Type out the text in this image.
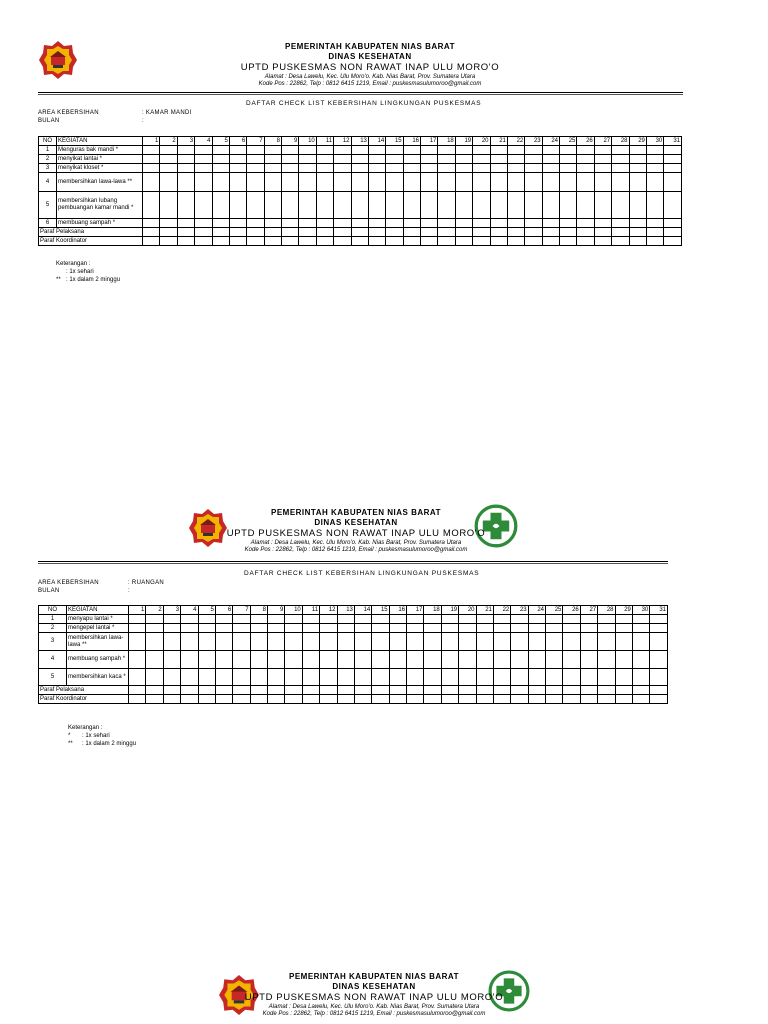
PEMERINTAH KABUPATEN NIAS BARAT
DINAS KESEHATAN
UPTD PUSKESMAS NON RAWAT INAP ULU MORO'O
Alamat : Desa Lawelu, Kec. Ulu Moro'o. Kab. Nias Barat, Prov. Sumatera Utara
Kode Pos : 22862, Telp : 0812 6415 1219, Email : puskesmasulumoroo@gmail.com
DAFTAR CHECK LIST KEBERSIHAN LINGKUNGAN PUSKESMAS
AREA KEBERSIHAN	: KAMAR MANDI
BULAN	:
NO	KEGIATAN	1	2	3	4	5	6	7	8	9	10	11	12	13	14	15	16	17	18	19	20	21	22	23	24	25	26	27	28	29	30	31
1	Menguras bak mandi *																															
2	menyikat lantai *																															
3	menyikat kloset *																															
4	membersihkan lawa-lawa **																															
5	membersihkan lubang pembuangan kamar mandi *																															
6	membuang sampah *																															
Paraf Pelaksana																																
Paraf Koordinator																																
Keterangan :
: 1x sehari
** : 1x dalam 2 minggu
PEMERINTAH KABUPATEN NIAS BARAT
DINAS KESEHATAN
UPTD PUSKESMAS NON RAWAT INAP ULU MORO'O
Alamat : Desa Lawelu, Kec. Ulu Moro'o. Kab. Nias Barat, Prov. Sumatera Utara
Kode Pos : 22862, Telp : 0812 6415 1219, Email : puskesmasulumoroo@gmail.com
DAFTAR CHECK LIST KEBERSIHAN LINGKUNGAN PUSKESMAS
AREA KEBERSIHAN	: RUANGAN
BULAN	:
NO	KEGIATAN	1	2	3	4	5	6	7	8	9	10	11	12	13	14	15	16	17	18	19	20	21	22	23	24	25	26	27	28	29	30	31
1	menyapu lantai *																															
2	mengepel lantai *																															
3	membersihkan lawa-lawa **																															
4	membuang sampah *																															
5	membersihkan kaca *																															
Paraf Pelaksana																																
Paraf Koordinator																																
Keterangan :
* : 1x sehari
** : 1x dalam 2 minggu
PEMERINTAH KABUPATEN NIAS BARAT
DINAS KESEHATAN
UPTD PUSKESMAS NON RAWAT INAP ULU MORO'O
Alamat : Desa Lawelu, Kec. Ulu Moro'o. Kab. Nias Barat, Prov. Sumatera Utara
Kode Pos : 22862, Telp : 0812 6415 1219, Email : puskesmasulumoroo@gmail.com
